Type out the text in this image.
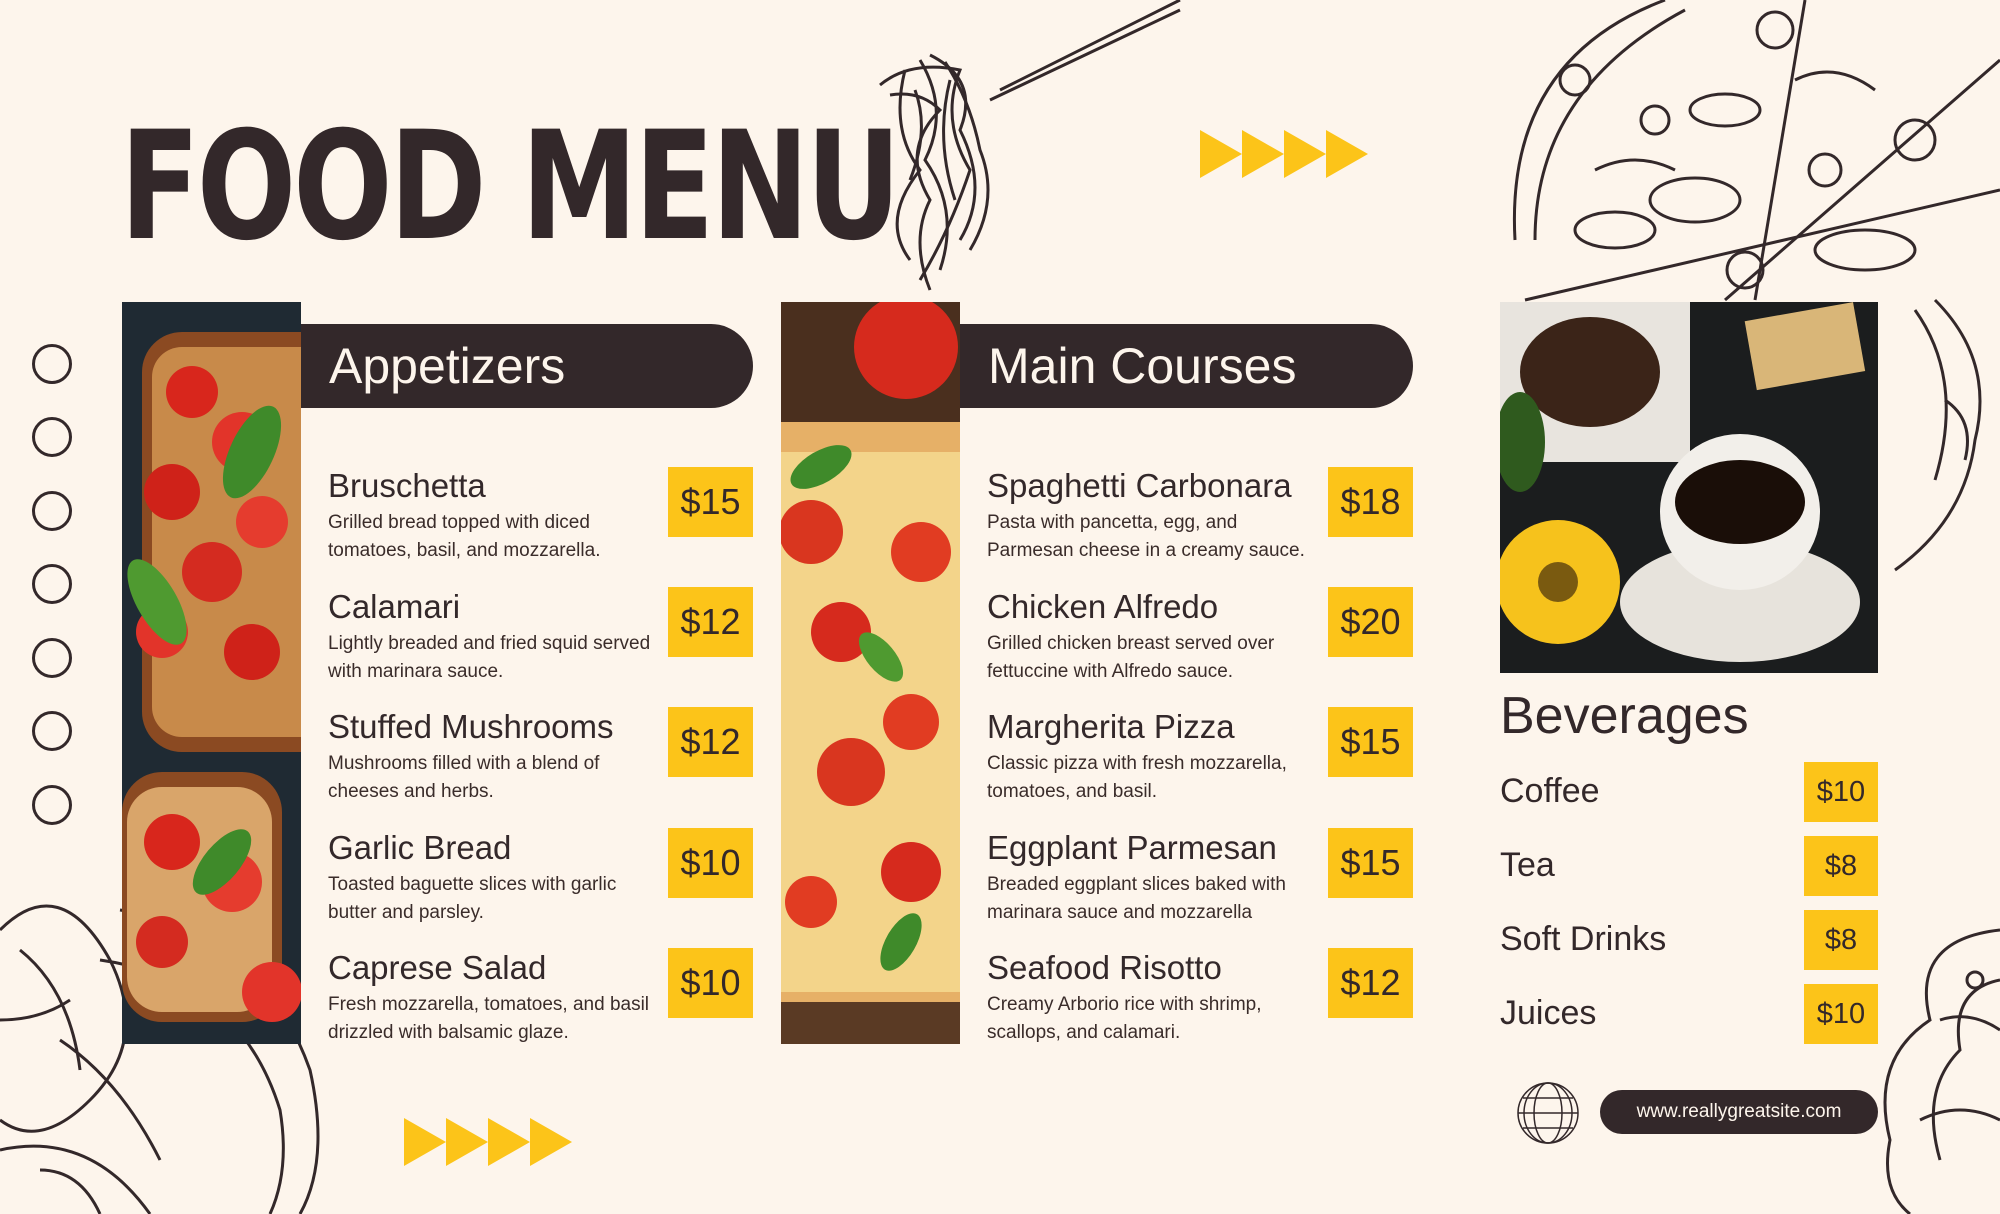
FOOD MENU
Appetizers
Bruschetta
Grilled bread topped with diced tomatoes, basil, and mozzarella.
$15
Calamari
Lightly breaded and fried squid served with marinara sauce.
$12
Stuffed Mushrooms
Mushrooms filled with a blend of cheeses and herbs.
$12
Garlic Bread
Toasted baguette slices with garlic butter and parsley.
$10
Caprese Salad
Fresh mozzarella, tomatoes, and basil drizzled with balsamic glaze.
$10
Main Courses
Spaghetti Carbonara
Pasta with pancetta, egg, and Parmesan cheese in a creamy sauce.
$18
Chicken Alfredo
Grilled chicken breast served over fettuccine with Alfredo sauce.
$20
Margherita Pizza
Classic pizza with fresh mozzarella, tomatoes, and basil.
$15
Eggplant Parmesan
Breaded eggplant slices baked with marinara sauce and mozzarella
$15
Seafood Risotto
Creamy Arborio rice with shrimp, scallops, and calamari.
$12
Beverages
Coffee	$10
Tea	$8
Soft Drinks	$8
Juices	$10
www.reallygreatsite.com
